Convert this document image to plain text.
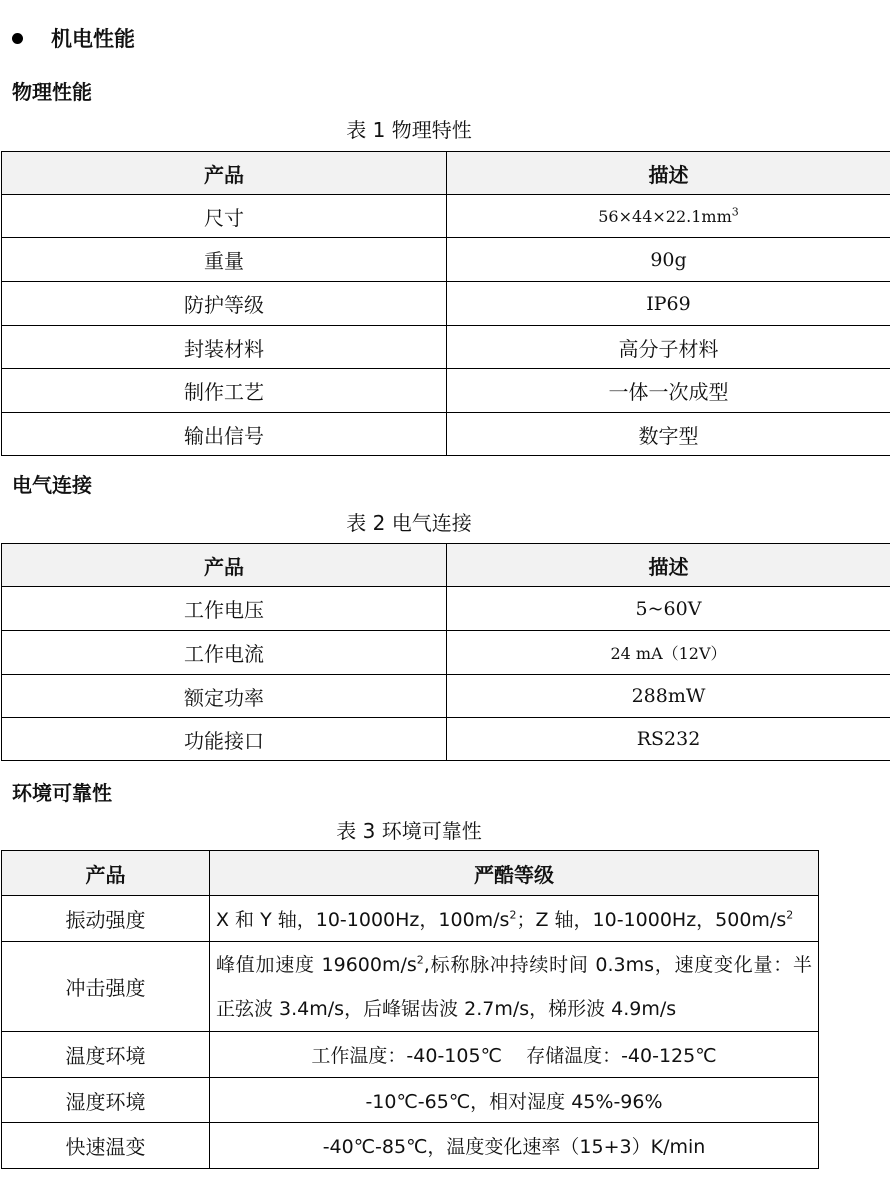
机电性能
物理性能
表 1 物理特性
产品	描述
尺寸	$56\times 44\times 22.1mm^3$
重量	90g
防护等级	IP69
封装材料	高分子材料
制作工艺	一体一次成型
输出信号	数字型
电气连接
表 2 电气连接
产品	描述
工作电压	5~60V
工作电流	24 mA（12V）
额定功率	288mW
功能接口	RS232
环境可靠性
表 3 环境可靠性
产品	严酷等级
振动强度	X 和 Y 轴，10-1000Hz，$100m/s^2$；Z 轴，10-1000Hz，$500m/s^2$
冲击强度	峰值加速度 $19600m/s^2$,标称脉冲持续时间 0.3ms，速度变化量：半正弦波 3.4m/s，后峰锯齿波 2.7m/s，梯形波 4.9m/s
温度环境	工作温度：-40-105℃    存储温度：-40-125℃
湿度环境	-10℃-65℃，相对湿度 45%-96%
快速温变	-40℃-85℃，温度变化速率（15+3）K/min
